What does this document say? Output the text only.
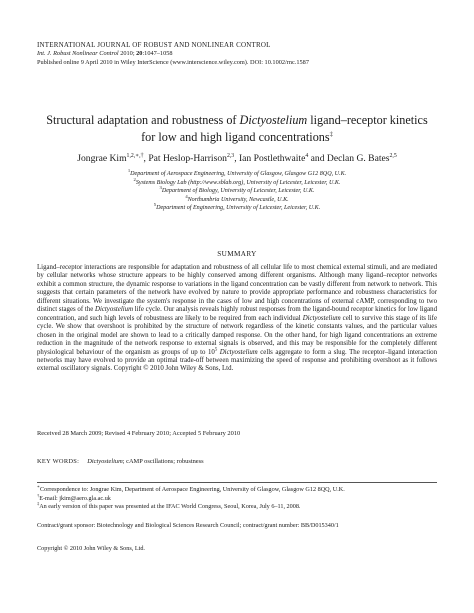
INTERNATIONAL JOURNAL OF ROBUST AND NONLINEAR CONTROL
Int. J. Robust Nonlinear Control 2010; 20:1047–1058
Published online 9 April 2010 in Wiley InterScience (www.interscience.wiley.com). DOI: 10.1002/rnc.1587
Structural adaptation and robustness of Dictyostelium ligand–receptor kinetics
for low and high ligand concentrations‡
Jongrae Kim$^{1,2,∗,\dagger}$, Pat Heslop-Harrison$^{2,3}$, Ian Postlethwaite$^4$ and Declan G. Bates$^{2,5}$
$^1$Department of Aerospace Engineering, University of Glasgow, Glasgow G12 8QQ, U.K.
$^2$Systems Biology Lab (http://www.sblab.org), University of Leicester, Leicester, U.K.
$^3$Department of Biology, University of Leicester, Leicester, U.K.
$^4$Northumbria University, Newcastle, U.K.
$^5$Department of Engineering, University of Leicester, Leicester, U.K.
SUMMARY
Ligand–receptor interactions are responsible for adaptation and robustness of all cellular life to most chemical external stimuli, and are mediated by cellular networks whose structure appears to be highly conserved among different organisms. Although many ligand–receptor networks exhibit a common structure, the dynamic response to variations in the ligand concentration can be vastly different from network to network. This suggests that certain parameters of the network have evolved by nature to provide appropriate performance and robustness characteristics for different situations. We investigate the system's response in the cases of low and high concentrations of external cAMP, corresponding to two distinct stages of the Dictyostelium life cycle. Our analysis reveals highly robust responses from the ligand-bound receptor kinetics for low ligand concentration, and such high levels of robustness are likely to be required from each individual Dictyostelium cell to survive this stage of its life cycle. We show that overshoot is prohibited by the structure of network regardless of the kinetic constants values, and the particular values chosen in the original model are shown to lead to a critically damped response. On the other hand, for high ligand concentrations an extreme reduction in the magnitude of the network response to external signals is observed, and this may be responsible for the completely different physiological behaviour of the organism as groups of up to $10^5$ Dictyostelium cells aggregate to form a slug. The receptor–ligand interaction networks may have evolved to provide an optimal trade-off between maximizing the speed of response and prohibiting overshoot as it follows external oscillatory signals. Copyright © 2010 John Wiley & Sons, Ltd.
Received 28 March 2009; Revised 4 February 2010; Accepted 5 February 2010
KEY WORDS: Dictyostelium; cAMP oscillations; robustness
∗Correspondence to: Jongrae Kim, Department of Aerospace Engineering, University of Glasgow, Glasgow G12 8QQ, U.K.
†E-mail: jkim@aero.gla.ac.uk
‡An early version of this paper was presented at the IFAC World Congress, Seoul, Korea, July 6–11, 2008.
Contract/grant sponsor: Biotechnology and Biological Sciences Research Council; contract/grant number: BB/D015340/1
Copyright © 2010 John Wiley & Sons, Ltd.
